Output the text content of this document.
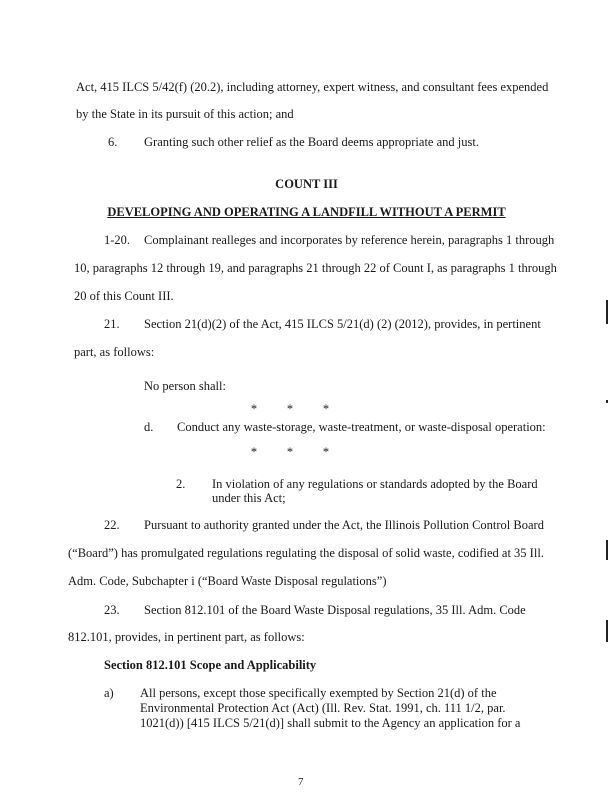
Act, 415 ILCS 5/42(f) (20.2), including attorney, expert witness, and consultant fees expended
by the State in its pursuit of this action; and
6. Granting such other relief as the Board deems appropriate and just.
COUNT III
DEVELOPING AND OPERATING A LANDFILL WITHOUT A PERMIT
1-20. Complainant realleges and incorporates by reference herein, paragraphs 1 through
10, paragraphs 12 through 19, and paragraphs 21 through 22 of Count I, as paragraphs 1 through
20 of this Count III.
21. Section 21(d)(2) of the Act, 415 ILCS 5/21(d) (2) (2012), provides, in pertinent
part, as follows:
No person shall:
* * *
d. Conduct any waste-storage, waste-treatment, or waste-disposal operation:
* * *
2. In violation of any regulations or standards adopted by the Board
under this Act;
22. Pursuant to authority granted under the Act, the Illinois Pollution Control Board
(“Board”) has promulgated regulations regulating the disposal of solid waste, codified at 35 Ill.
Adm. Code, Subchapter i (“Board Waste Disposal regulations”)
23. Section 812.101 of the Board Waste Disposal regulations, 35 Ill. Adm. Code
812.101, provides, in pertinent part, as follows:
Section 812.101 Scope and Applicability
a) All persons, except those specifically exempted by Section 21(d) of the
Environmental Protection Act (Act) (Ill. Rev. Stat. 1991, ch. 111 1/2, par.
1021(d)) [415 ILCS 5/21(d)] shall submit to the Agency an application for a
7
